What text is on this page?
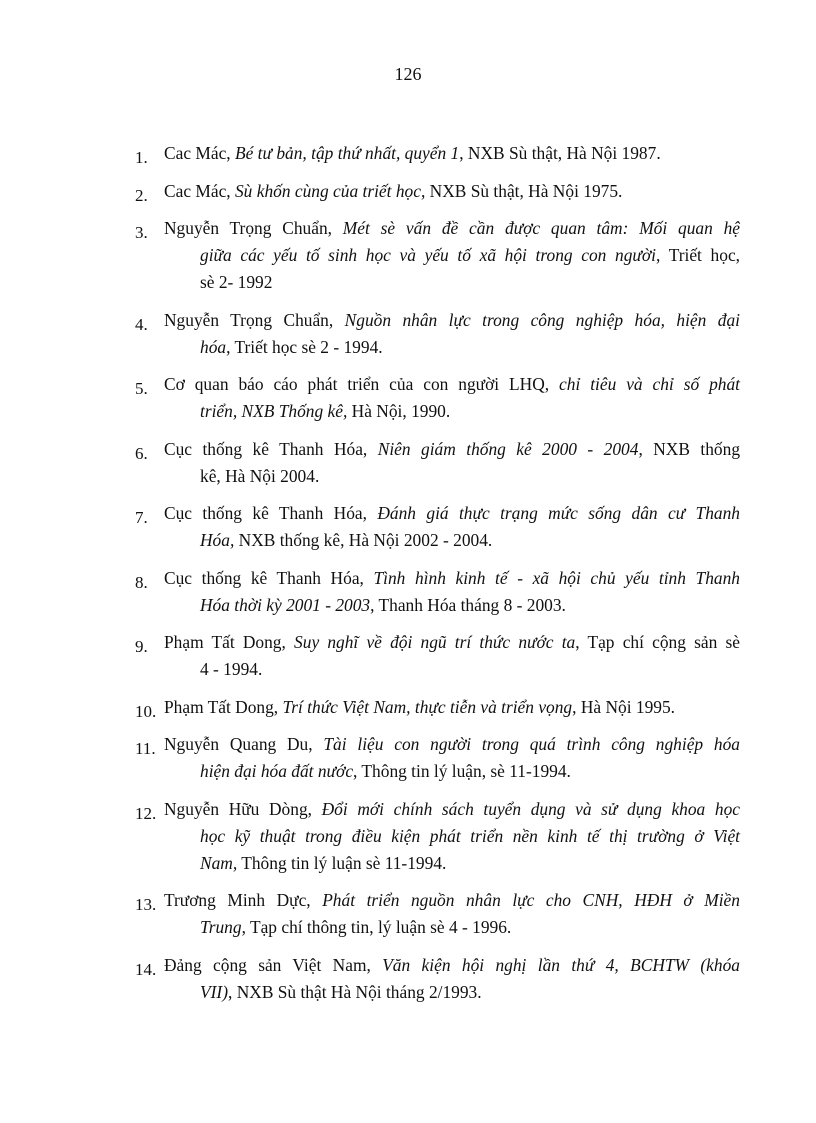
126
1. Cac Mác, Bé tư bản, tập thứ nhất, quyển 1, NXB Sù thật, Hà Nội 1987.
2. Cac Mác, Sù khốn cùng của triết học, NXB Sù thật, Hà Nội 1975.
3. Nguyễn Trọng Chuẩn, Mét sè vấn đề cần được quan tâm: Mối quan hệ
giữa các yếu tố sinh học và yếu tố xã hội trong con người, Triết học,
sè 2- 1992
4. Nguyễn Trọng Chuẩn, Nguồn nhân lực trong công nghiệp hóa, hiện đại
hóa, Triết học sè 2 - 1994.
5. Cơ quan báo cáo phát triển của con người LHQ, chỉ tiêu và chỉ số phát
triển, NXB Thống kê, Hà Nội, 1990.
6. Cục thống kê Thanh Hóa, Niên giám thống kê 2000 - 2004, NXB thống
kê, Hà Nội 2004.
7. Cục thống kê Thanh Hóa, Đánh giá thực trạng mức sống dân cư Thanh
Hóa, NXB thống kê, Hà Nội 2002 - 2004.
8. Cục thống kê Thanh Hóa, Tình hình kinh tế - xã hội chủ yếu tỉnh Thanh
Hóa thời kỳ 2001 - 2003, Thanh Hóa tháng 8 - 2003.
9. Phạm Tất Dong, Suy nghĩ về đội ngũ trí thức nước ta, Tạp chí cộng sản sè
4 - 1994.
10. Phạm Tất Dong, Trí thức Việt Nam, thực tiễn và triển vọng, Hà Nội 1995.
11. Nguyễn Quang Du, Tài liệu con người trong quá trình công nghiệp hóa
hiện đại hóa đất nước, Thông tin lý luận, sè 11-1994.
12. Nguyễn Hữu Dòng, Đổi mới chính sách tuyển dụng và sử dụng khoa học
học kỹ thuật trong điều kiện phát triển nền kinh tế thị trường ở Việt
Nam, Thông tin lý luận sè 11-1994.
13. Trương Minh Dực, Phát triển nguồn nhân lực cho CNH, HĐH ở Miền
Trung, Tạp chí thông tin, lý luận sè 4 - 1996.
14. Đảng cộng sản Việt Nam, Văn kiện hội nghị lần thứ 4, BCHTW (khóa
VII), NXB Sù thật Hà Nội tháng 2/1993.
